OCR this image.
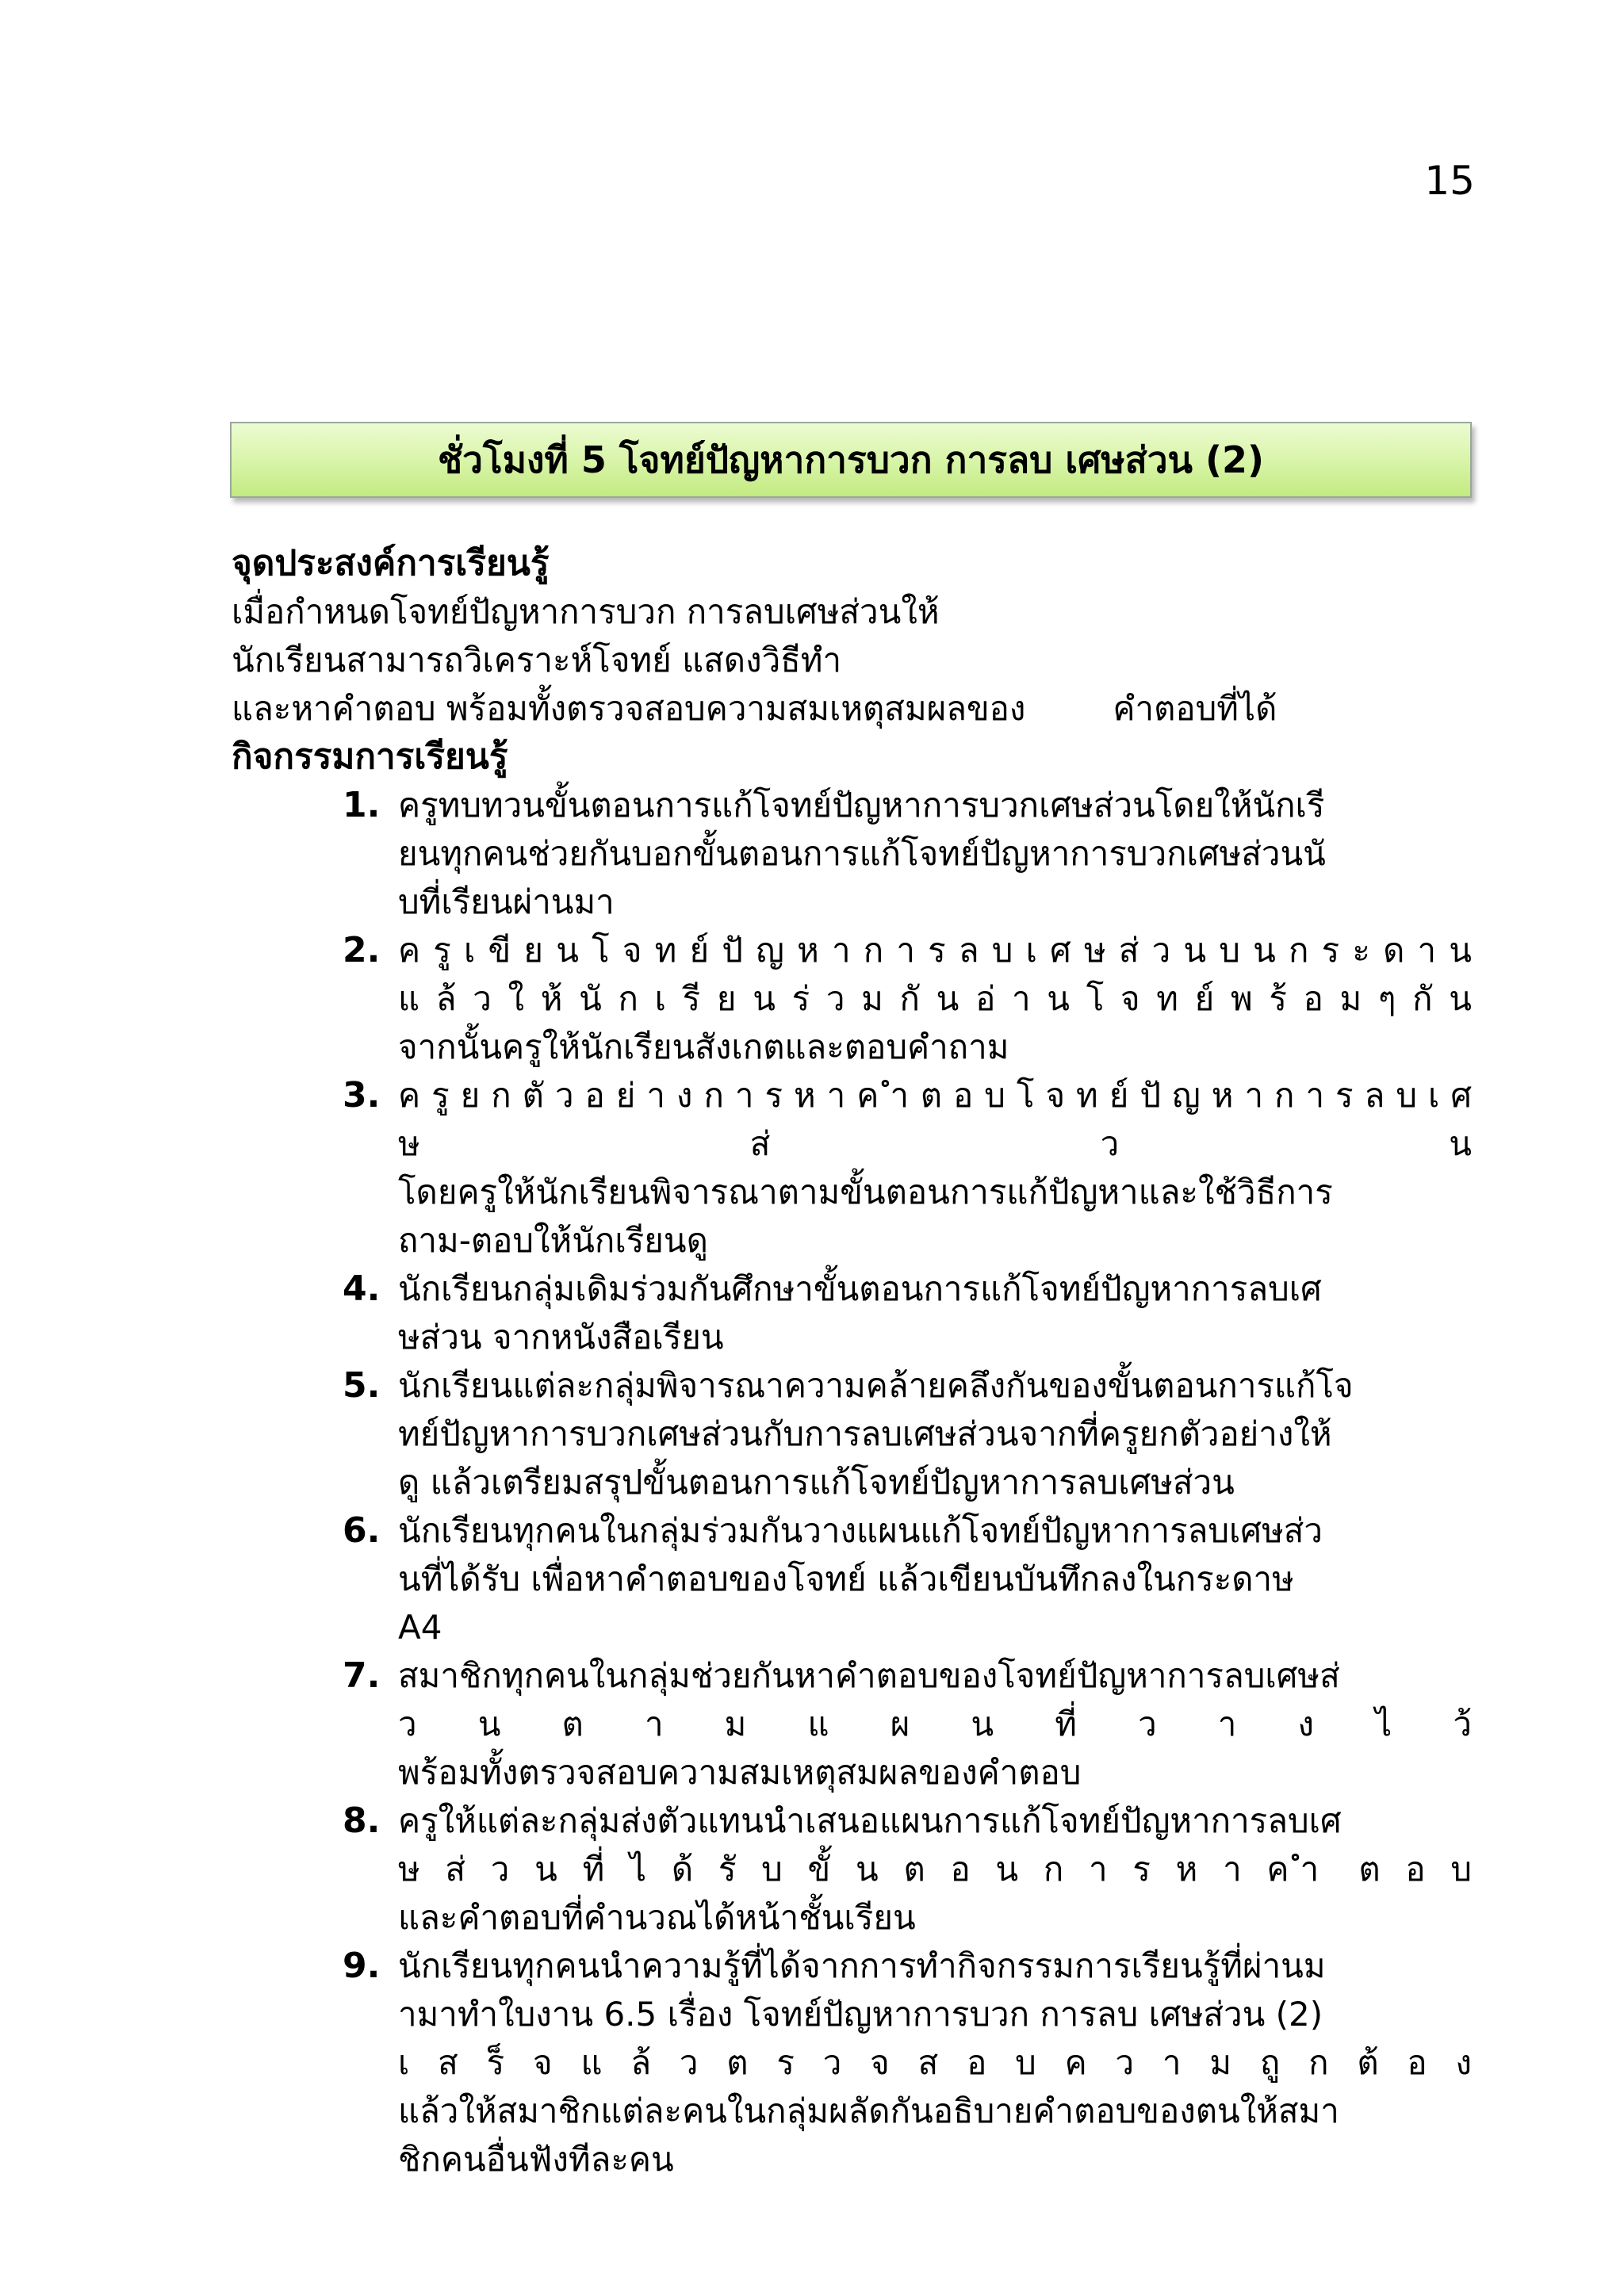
15
ชั่วโมงที่ 5 โจทย์ปัญหาการบวก การลบ เศษส่วน (2)
จุดประสงค์การเรียนรู้
เมื่อกำหนดโจทย์ปัญหาการบวก การลบเศษส่วนให้
นักเรียนสามารถวิเคราะห์โจทย์ แสดงวิธีทำ
และหาคำตอบ พร้อมทั้งตรวจสอบความสมเหตุสมผลของ	คำตอบที่ได้
กิจกรรมการเรียนรู้
1. ครูทบทวนขั้นตอนการแก้โจทย์ปัญหาการบวกเศษส่วนโดยให้นักเรี
ยนทุกคนช่วยกันบอกขั้นตอนการแก้โจทย์ปัญหาการบวกเศษส่วนนั
บที่เรียนผ่านมา
2. ค รู เ ขี ย น โ จ ท ย์ ปั ญ ห า ก า ร ล บ เ ศ ษ ส่ ว น บ น ก ร ะ ด า น
แ ล้ ว ใ ห้ นั ก เ รี ย น ร่ ว ม กั น อ่ า น โ จ ท ย์ พ ร้ อ ม ๆ กั น
จากนั้นครูให้นักเรียนสังเกตและตอบคำถาม
3. ค รู ย ก ตั ว อ ย่ า ง ก า ร ห า ค ำ ต อ บ โ จ ท ย์ ปั ญ ห า ก า ร ล บ เ ศ ษ ส่ ว น
โดยครูให้นักเรียนพิจารณาตามขั้นตอนการแก้ปัญหาและใช้วิธีการ
ถาม-ตอบให้นักเรียนดู
4. นักเรียนกลุ่มเดิมร่วมกันศึกษาขั้นตอนการแก้โจทย์ปัญหาการลบเศ
ษส่วน จากหนังสือเรียน
5. นักเรียนแต่ละกลุ่มพิจารณาความคล้ายคลึงกันของขั้นตอนการแก้โจ
ทย์ปัญหาการบวกเศษส่วนกับการลบเศษส่วนจากที่ครูยกตัวอย่างให้
ดู แล้วเตรียมสรุปขั้นตอนการแก้โจทย์ปัญหาการลบเศษส่วน
6. นักเรียนทุกคนในกลุ่มร่วมกันวางแผนแก้โจทย์ปัญหาการลบเศษส่ว
นที่ได้รับ เพื่อหาคำตอบของโจทย์ แล้วเขียนบันทึกลงในกระดาษ
A4
7. สมาชิกทุกคนในกลุ่มช่วยกันหาคำตอบของโจทย์ปัญหาการลบเศษส่
ว น ต า ม แ ผ น ที่ ว า ง ไ ว้
พร้อมทั้งตรวจสอบความสมเหตุสมผลของคำตอบ
8. ครูให้แต่ละกลุ่มส่งตัวแทนนำเสนอแผนการแก้โจทย์ปัญหาการลบเศ
ษ ส่ ว น ที่ ไ ด้ รั บ ขั้ น ต อ น ก า ร ห า ค ำ ต อ บ
และคำตอบที่คำนวณได้หน้าชั้นเรียน
9. นักเรียนทุกคนนำความรู้ที่ได้จากการทำกิจกรรมการเรียนรู้ที่ผ่านม
ามาทำใบงาน 6.5 เรื่อง โจทย์ปัญหาการบวก การลบ เศษส่วน (2)
เ ส ร็ จ แ ล้ ว ต ร ว จ ส อ บ ค ว า ม ถู ก ต้ อ ง
แล้วให้สมาชิกแต่ละคนในกลุ่มผลัดกันอธิบายคำตอบของตนให้สมา
ชิกคนอื่นฟังทีละคน
